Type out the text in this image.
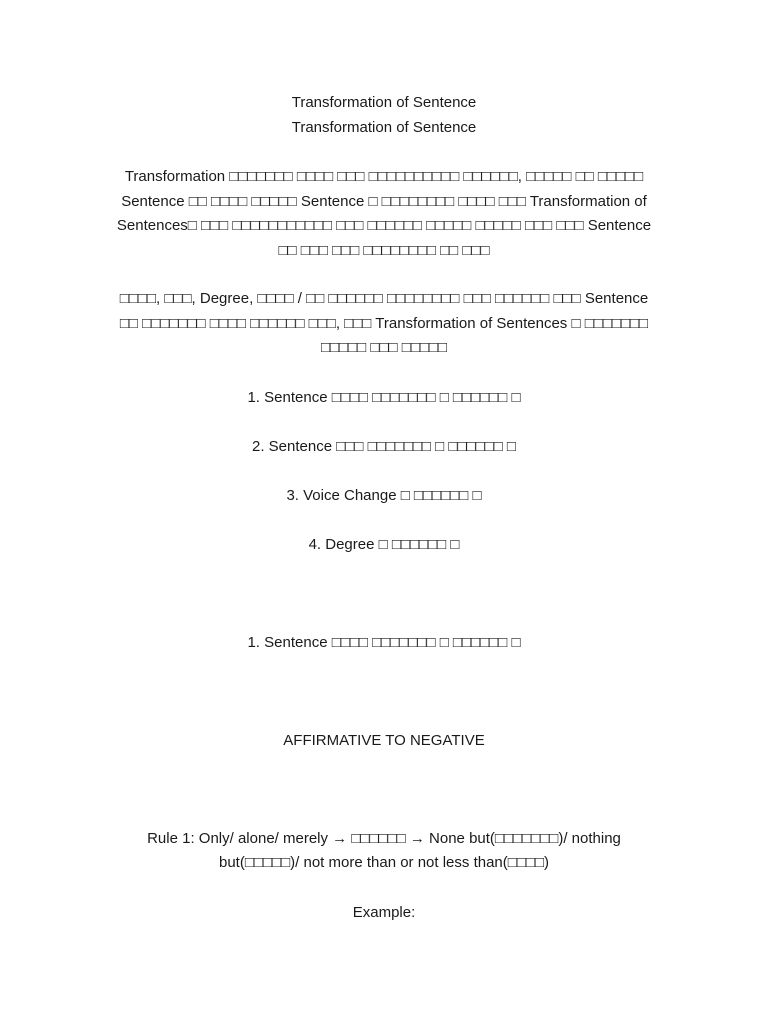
Transformation of Sentence
Transformation of Sentence

Transformation □□□□□□□ □□□□ □□□ □□□□□□□□□□ □□□□□□, □□□□□ □□ □□□□□

Sentence □□ □□□□ □□□□□ Sentence □ □□□□□□□□ □□□□ □□□ Transformation of

Sentences□ □□□ □□□□□□□□□□□ □□□ □□□□□□ □□□□□ □□□□□ □□□ □□□ Sentence

□□ □□□ □□□ □□□□□□□□ □□ □□□

□□□□, □□□, Degree, □□□□ / □□ □□□□□□ □□□□□□□□ □□□ □□□□□□ □□□ Sentence

□□ □□□□□□□ □□□□ □□□□□□ □□□, □□□ Transformation of Sentences □ □□□□□□□

□□□□□ □□□ □□□□□

1. Sentence □□□□ □□□□□□□ □ □□□□□□ □
2. Sentence □□□ □□□□□□□ □ □□□□□□ □
3. Voice Change □ □□□□□□ □
4. Degree □ □□□□□□ □
1. Sentence □□□□ □□□□□□□ □ □□□□□□ □
AFFIRMATIVE TO NEGATIVE
Rule 1: Only/ alone/ merely → □□□□□□ → None but(□□□□□□□)/ nothing
but(□□□□□)/ not more than or not less than(□□□□)
Example:
